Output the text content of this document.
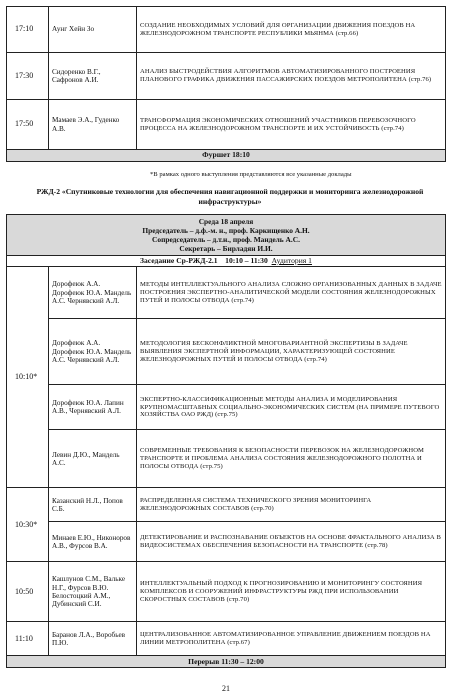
17:10	Аунг Хейн Зо	СОЗДАНИЕ НЕОБХОДИМЫХ УСЛОВИЙ ДЛЯ ОРГАНИЗАЦИИ ДВИЖЕНИЯ ПОЕЗДОВ НА ЖЕЛЕЗНОДОРОЖНОМ ТРАНСПОРТЕ РЕСПУБЛИКИ МЬЯНМА (стр.66)
17:30	Сидоренко В.Г., Сафронов А.И.	АНАЛИЗ БЫСТРОДЕЙСТВИЯ АЛГОРИТМОВ АВТОМАТИЗИРОВАННОГО ПОСТРОЕНИЯ ПЛАНОВОГО ГРАФИКА ДВИЖЕНИЯ ПАССАЖИРСКИХ ПОЕЗДОВ МЕТРОПОЛИТЕНА (стр.76)
17:50	Мамаев Э.А., Гуденко А.В.	ТРАНСФОРМАЦИЯ ЭКОНОМИЧЕСКИХ ОТНОШЕНИЙ УЧАСТНИКОВ ПЕРЕВОЗОЧНОГО ПРОЦЕССА НА ЖЕЛЕЗНОДОРОЖНОМ ТРАНСПОРТЕ И ИХ УСТОЙЧИВОСТЬ (стр.74)
Фуршет 18:10		
*В рамках одного выступления представляются все указанные доклады
РЖД-2 «Спутниковые технологии для обеспечения навигационной поддержки и мониторинга железнодорожной инфраструктуры»
Среда 18 апреля
Председатель – д.ф.-м. н., проф. Каркищенко А.Н.
Сопредседатель – д.т.н., проф. Мандель А.С.
Секретарь – Бирладян И.И.		

Заседание Ср-РЖД-2.1 10:10 – 11:30 Аудитория 1		
10:10*	Дорофеюк А.А. Дорофеюк Ю.А. Мандель А.С. Чернявский А.Л.	МЕТОДЫ ИНТЕЛЛЕКТУАЛЬНОГО АНАЛИЗА СЛОЖНО ОРГАНИЗОВАННЫХ ДАННЫХ В ЗАДАЧЕ ПОСТРОЕНИЯ ЭКСПЕРТНО-АНАЛИТИЧЕСКОЙ МОДЕЛИ СОСТОЯНИЯ ЖЕЛЕЗНОДОРОЖНЫХ ПУТЕЙ И ПОЛОСЫ ОТВОДА (стр.74)
	Дорофеюк А.А. Дорофеюк Ю.А. Мандель А.С. Чернявский А.Л.	МЕТОДОЛОГИЯ БЕСКОНФЛИКТНОЙ МНОГОВАРИАНТНОЙ ЭКСПЕРТИЗЫ В ЗАДАЧЕ ВЫЯВЛЕНИЯ ЭКСПЕРТНОЙ ИНФОРМАЦИИ, ХАРАКТЕРИЗУЮЩЕЙ СОСТОЯНИЕ ЖЕЛЕЗНОДОРОЖНЫХ ПУТЕЙ И ПОЛОСЫ ОТВОДА (стр.74)
	Дорофеюк Ю.А. Лапин А.В., Чернявский А.Л.	ЭКСПЕРТНО-КЛАССИФИКАЦИОННЫЕ МЕТОДЫ АНАЛИЗА И МОДЕЛИРОВАНИЯ КРУПНОМАСШТАБНЫХ СОЦИАЛЬНО-ЭКОНОМИЧЕСКИХ СИСТЕМ (НА ПРИМЕРЕ ПУТЕВОГО ХОЗЯЙСТВА ОАО РЖД) (стр.75)
	Левин Д.Ю., Мандель А.С.	СОВРЕМЕННЫЕ ТРЕБОВАНИЯ К БЕЗОПАСНОСТИ ПЕРЕВОЗОК НА ЖЕЛЕЗНОДОРОЖНОМ ТРАНСПОРТЕ И ПРОБЛЕМА АНАЛИЗА СОСТОЯНИЯ ЖЕЛЕЗНОДОРОЖНОГО ПОЛОТНА И ПОЛОСЫ ОТВОДА (стр.75)
10:30*	Казанский Н.Л., Попов С.Б.	РАСПРЕДЕЛЕННАЯ СИСТЕМА ТЕХНИЧЕСКОГО ЗРЕНИЯ МОНИТОРИНГА ЖЕЛЕЗНОДОРОЖНЫХ СОСТАВОВ (стр.70)
	Минаев Е.Ю., Никоноров А.В., Фурсов В.А.	ДЕТЕКТИРОВАНИЕ И РАСПОЗНАВАНИЕ ОБЪЕКТОВ НА ОСНОВЕ ФРАКТАЛЬНОГО АНАЛИЗА В ВИДЕОСИСТЕМАХ ОБЕСПЕЧЕНИЯ БЕЗОПАСНОСТИ НА ТРАНСПОРТЕ (стр.78)
10:50	Кашлунов С.М., Вальке Н.Г., Фурсов В.Ю. Белостоцкий А.М., Дубинский С.И.	ИНТЕЛЛЕКТУАЛЬНЫЙ ПОДХОД К ПРОГНОЗИРОВАНИЮ И МОНИТОРИНГУ СОСТОЯНИЯ КОМПЛЕКСОВ И СООРУЖЕНИЙ ИНФРАСТРУКТУРЫ РЖД ПРИ ИСПОЛЬЗОВАНИИ СКОРОСТНЫХ СОСТАВОВ (стр.70)
11:10	Баранов Л.А., Воробьев П.Ю.	ЦЕНТРАЛИЗОВАННОЕ АВТОМАТИЗИРОВАННОЕ УПРАВЛЕНИЕ ДВИЖЕНИЕМ ПОЕЗДОВ НА ЛИНИИ МЕТРОПОЛИТЕНА (стр.67)
Перерыв 11:30 – 12:00		
21
